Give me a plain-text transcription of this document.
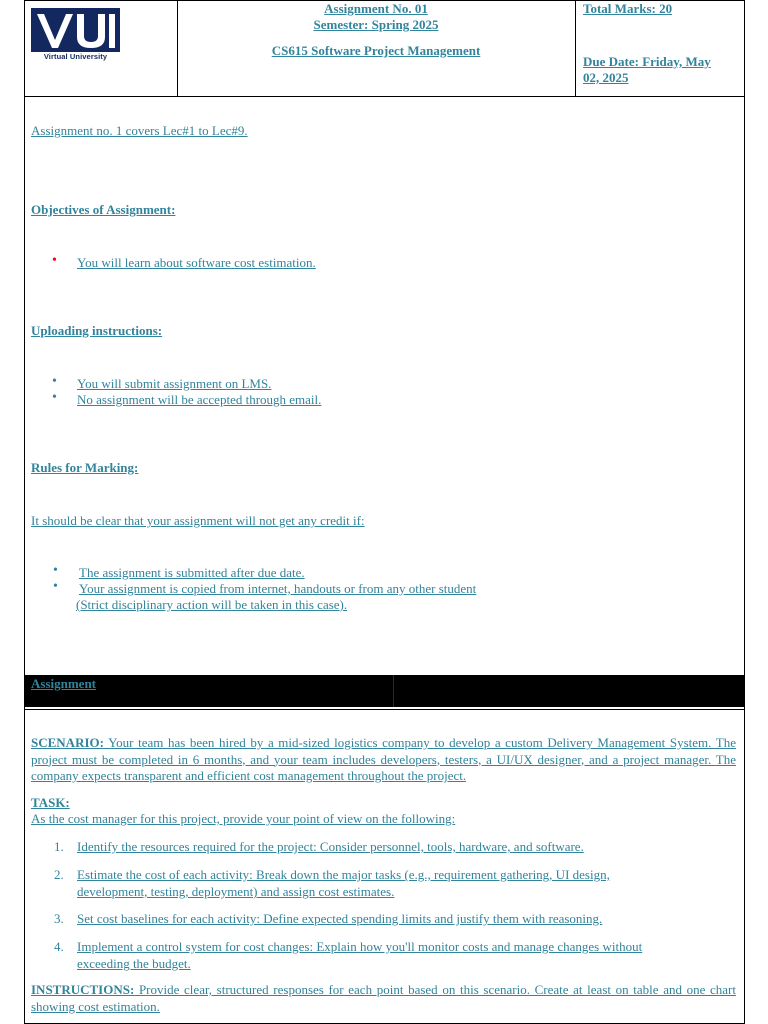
Virtual University
Assignment No. 01
Semester: Spring 2025
CS615 Software Project Management
Total Marks: 20
Due Date: Friday, May
02, 2025
Assignment no. 1 covers Lec#1 to Lec#9.
Objectives of Assignment:
• You will learn about software cost estimation.
Uploading instructions:
• You will submit assignment on LMS.
• No assignment will be accepted through email.
Rules for Marking:
It should be clear that your assignment will not get any credit if:
• The assignment is submitted after due date.
• Your assignment is copied from internet, handouts or from any other student
(Strict disciplinary action will be taken in this case).
Assignment
SCENARIO: Your team has been hired by a mid-sized logistics company to develop a custom Delivery Management System. The project must be completed in 6 months, and your team includes developers, testers, a UI/UX designer, and a project manager. The company expects transparent and efficient cost management throughout the project.
TASK:
As the cost manager for this project, provide your point of view on the following:
1. Identify the resources required for the project: Consider personnel, tools, hardware, and software.
2. Estimate the cost of each activity: Break down the major tasks (e.g., requirement gathering, UI design,
development, testing, deployment) and assign cost estimates.
3. Set cost baselines for each activity: Define expected spending limits and justify them with reasoning.
4. Implement a control system for cost changes: Explain how you'll monitor costs and manage changes without
exceeding the budget.
INSTRUCTIONS: Provide clear, structured responses for each point based on this scenario. Create at least on table and one chart showing cost estimation.
